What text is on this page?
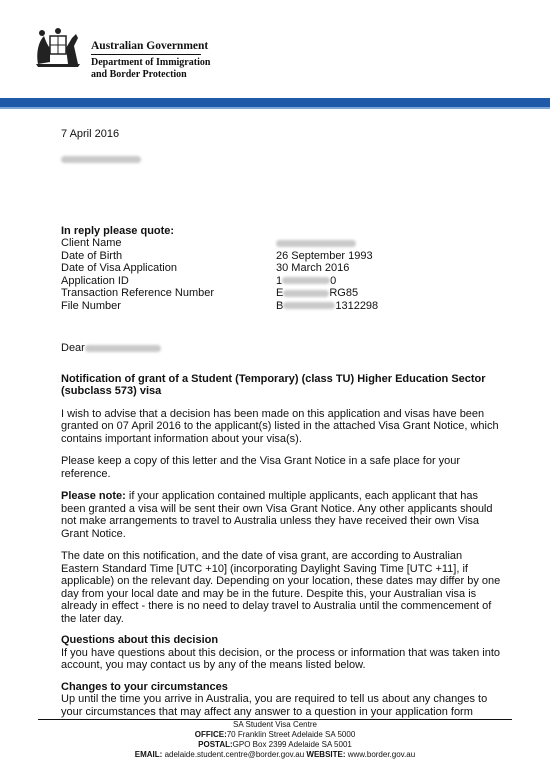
Australian Government
Department of Immigration
and Border Protection
7 April 2016
In reply please quote:
Client Name
Date of Birth	26 September 1993
Date of Visa Application	30 March 2016
Application ID	1	0
Transaction Reference Number	E	RG85
File Number	B	1312298
Dear
Notification of grant of a Student (Temporary) (class TU) Higher Education Sector
(subclass 573) visa

I wish to advise that a decision has been made on this application and visas have been granted on 07 April 2016 to the applicant(s) listed in the attached Visa Grant Notice, which contains important information about your visa(s).

Please keep a copy of this letter and the Visa Grant Notice in a safe place for your reference.

Please note: if your application contained multiple applicants, each applicant that has been granted a visa will be sent their own Visa Grant Notice. Any other applicants should not make arrangements to travel to Australia unless they have received their own Visa Grant Notice.

The date on this notification, and the date of visa grant, are according to Australian Eastern Standard Time [UTC +10] (incorporating Daylight Saving Time [UTC +11], if applicable) on the relevant day. Depending on your location, these dates may differ by one day from your local date and may be in the future. Despite this, your Australian visa is already in effect - there is no need to delay travel to Australia until the commencement of the later day.

Questions about this decision
If you have questions about this decision, or the process or information that was taken into account, you may contact us by any of the means listed below.
Changes to your circumstances
Up until the time you arrive in Australia, you are required to tell us about any changes to your circumstances that may affect any answer to a question in your application form
SA Student Visa Centre
OFFICE:70 Franklin Street Adelaide SA 5000
POSTAL:GPO Box 2399 Adelaide SA 5001
EMAIL: adelaide.student.centre@border.gov.au WEBSITE: www.border.gov.au
